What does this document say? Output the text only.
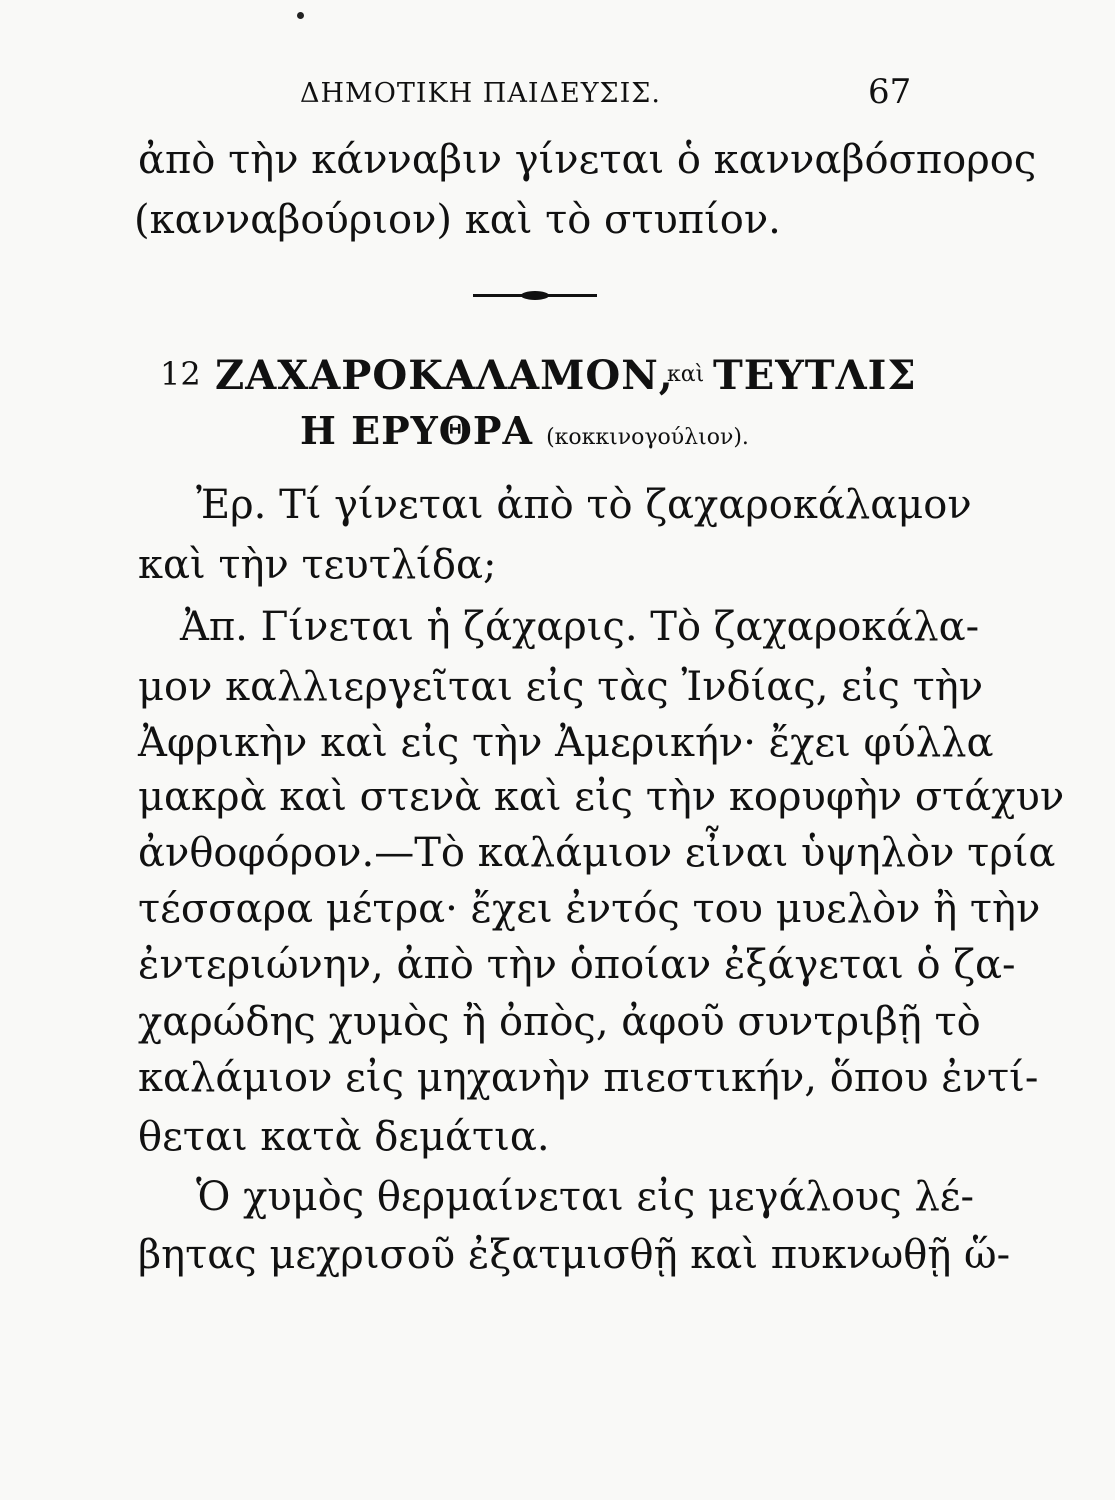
ΔΗΜΟΤΙΚΗ ΠΑΙΔΕΥΣΙΣ.	67
ἀπὸ τὴν κάνναβιν γίνεται ὁ κανναβόσπορος
(κανναβούριον) καὶ τὸ στυπίον.
12 ΖΑΧΑΡΟΚΑΛΑΜΟΝ,
καὶ ΤΕΥΤΛΙΣ
Η ΕΡΥΘΡΑ (κοκκινογούλιον).
Ἐρ. Τί γίνεται ἀπὸ τὸ ζαχαροκάλαμον
καὶ τὴν τευτλίδα;
Ἀπ. Γίνεται ἡ ζάχαρις. Τὸ ζαχαροκάλα-
μον καλλιεργεῖται εἰς τὰς Ἰνδίας, εἰς τὴν
Ἀφρικὴν καὶ εἰς τὴν Ἀμερικήν· ἔχει φύλλα
μακρὰ καὶ στενὰ καὶ εἰς τὴν κορυφὴν στάχυν
ἀνθοφόρον.—Τὸ καλάμιον εἶναι ὑψηλὸν τρία
τέσσαρα μέτρα· ἔχει ἐντός του μυελὸν ἢ τὴν
ἐντεριώνην, ἀπὸ τὴν ὁποίαν ἐξάγεται ὁ ζα-
χαρώδης χυμὸς ἢ ὀπὸς, ἀφοῦ συντριβῇ τὸ
καλάμιον εἰς μηχανὴν πιεστικήν, ὅπου ἐντί-
θεται κατὰ δεμάτια.
Ὁ χυμὸς θερμαίνεται εἰς μεγάλους λέ-
βητας μεχρισοῦ ἐξατμισθῇ καὶ πυκνωθῇ ὥ-
